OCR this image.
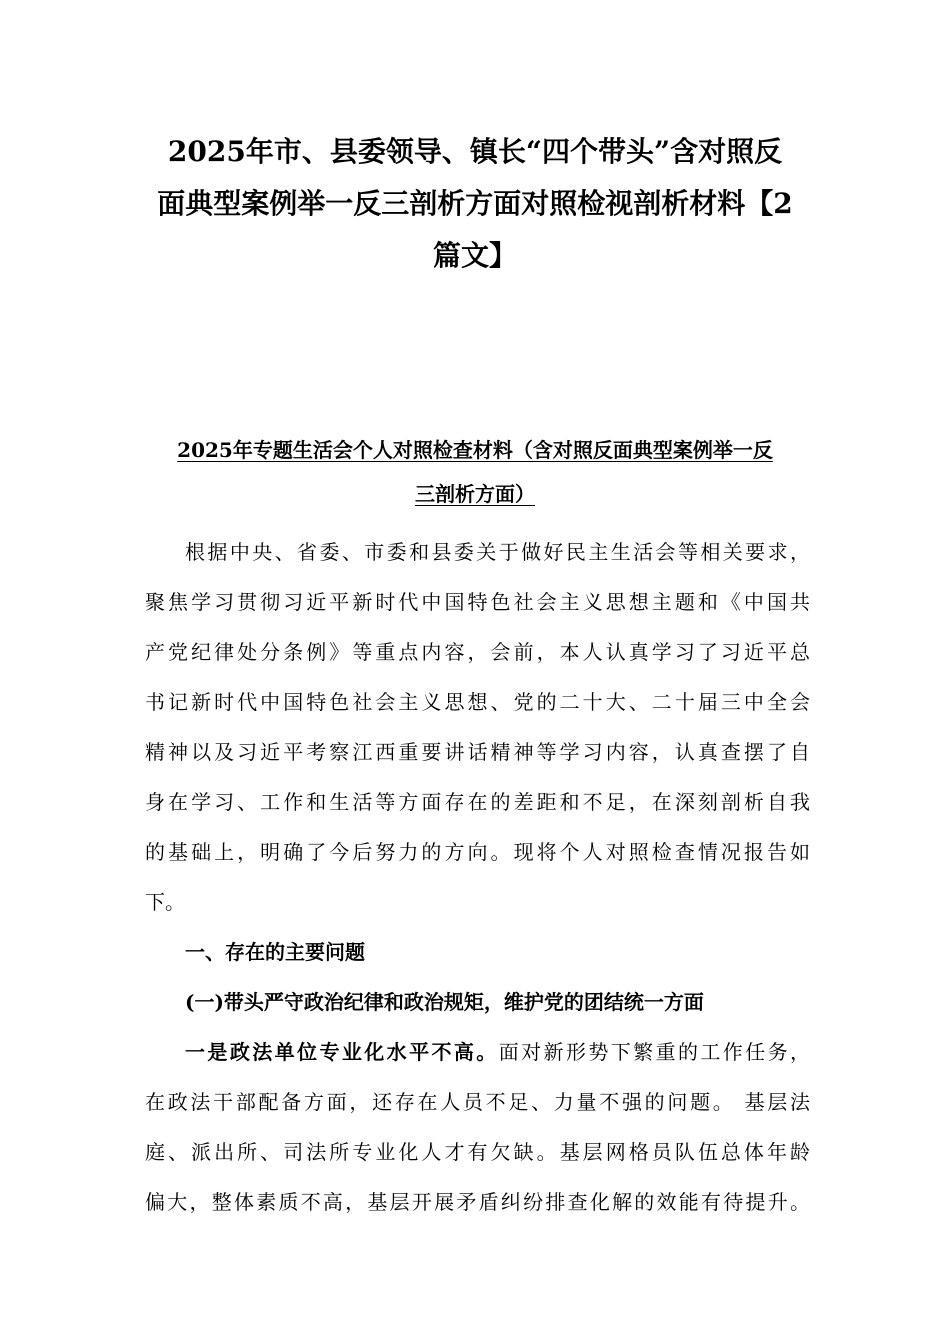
2025年市、县委领导、镇长“四个带头”含对照反
面典型案例举一反三剖析方面对照检视剖析材料【2
篇文】
2025年专题生活会个人对照检查材料（含对照反面典型案例举一反
三剖析方面）
根据中央、省委、市委和县委关于做好民主生活会等相关要求，
聚焦学习贯彻习近平新时代中国特色社会主义思想主题和《中国共
产党纪律处分条例》等重点内容，会前，本人认真学习了习近平总
书记新时代中国特色社会主义思想、党的二十大、二十届三中全会
精神以及习近平考察江西重要讲话精神等学习内容，认真查摆了自
身在学习、工作和生活等方面存在的差距和不足，在深刻剖析自我
的基础上，明确了今后努力的方向。现将个人对照检查情况报告如
下。
一、存在的主要问题
(一)带头严守政治纪律和政治规矩，维护党的团结统一方面
一是政法单位专业化水平不高。面对新形势下繁重的工作任务，
在政法干部配备方面，还存在人员不足、力量不强的问题。 基层法
庭、派出所、司法所专业化人才有欠缺。基层网格员队伍总体年龄
偏大，整体素质不高，基层开展矛盾纠纷排查化解的效能有待提升。
